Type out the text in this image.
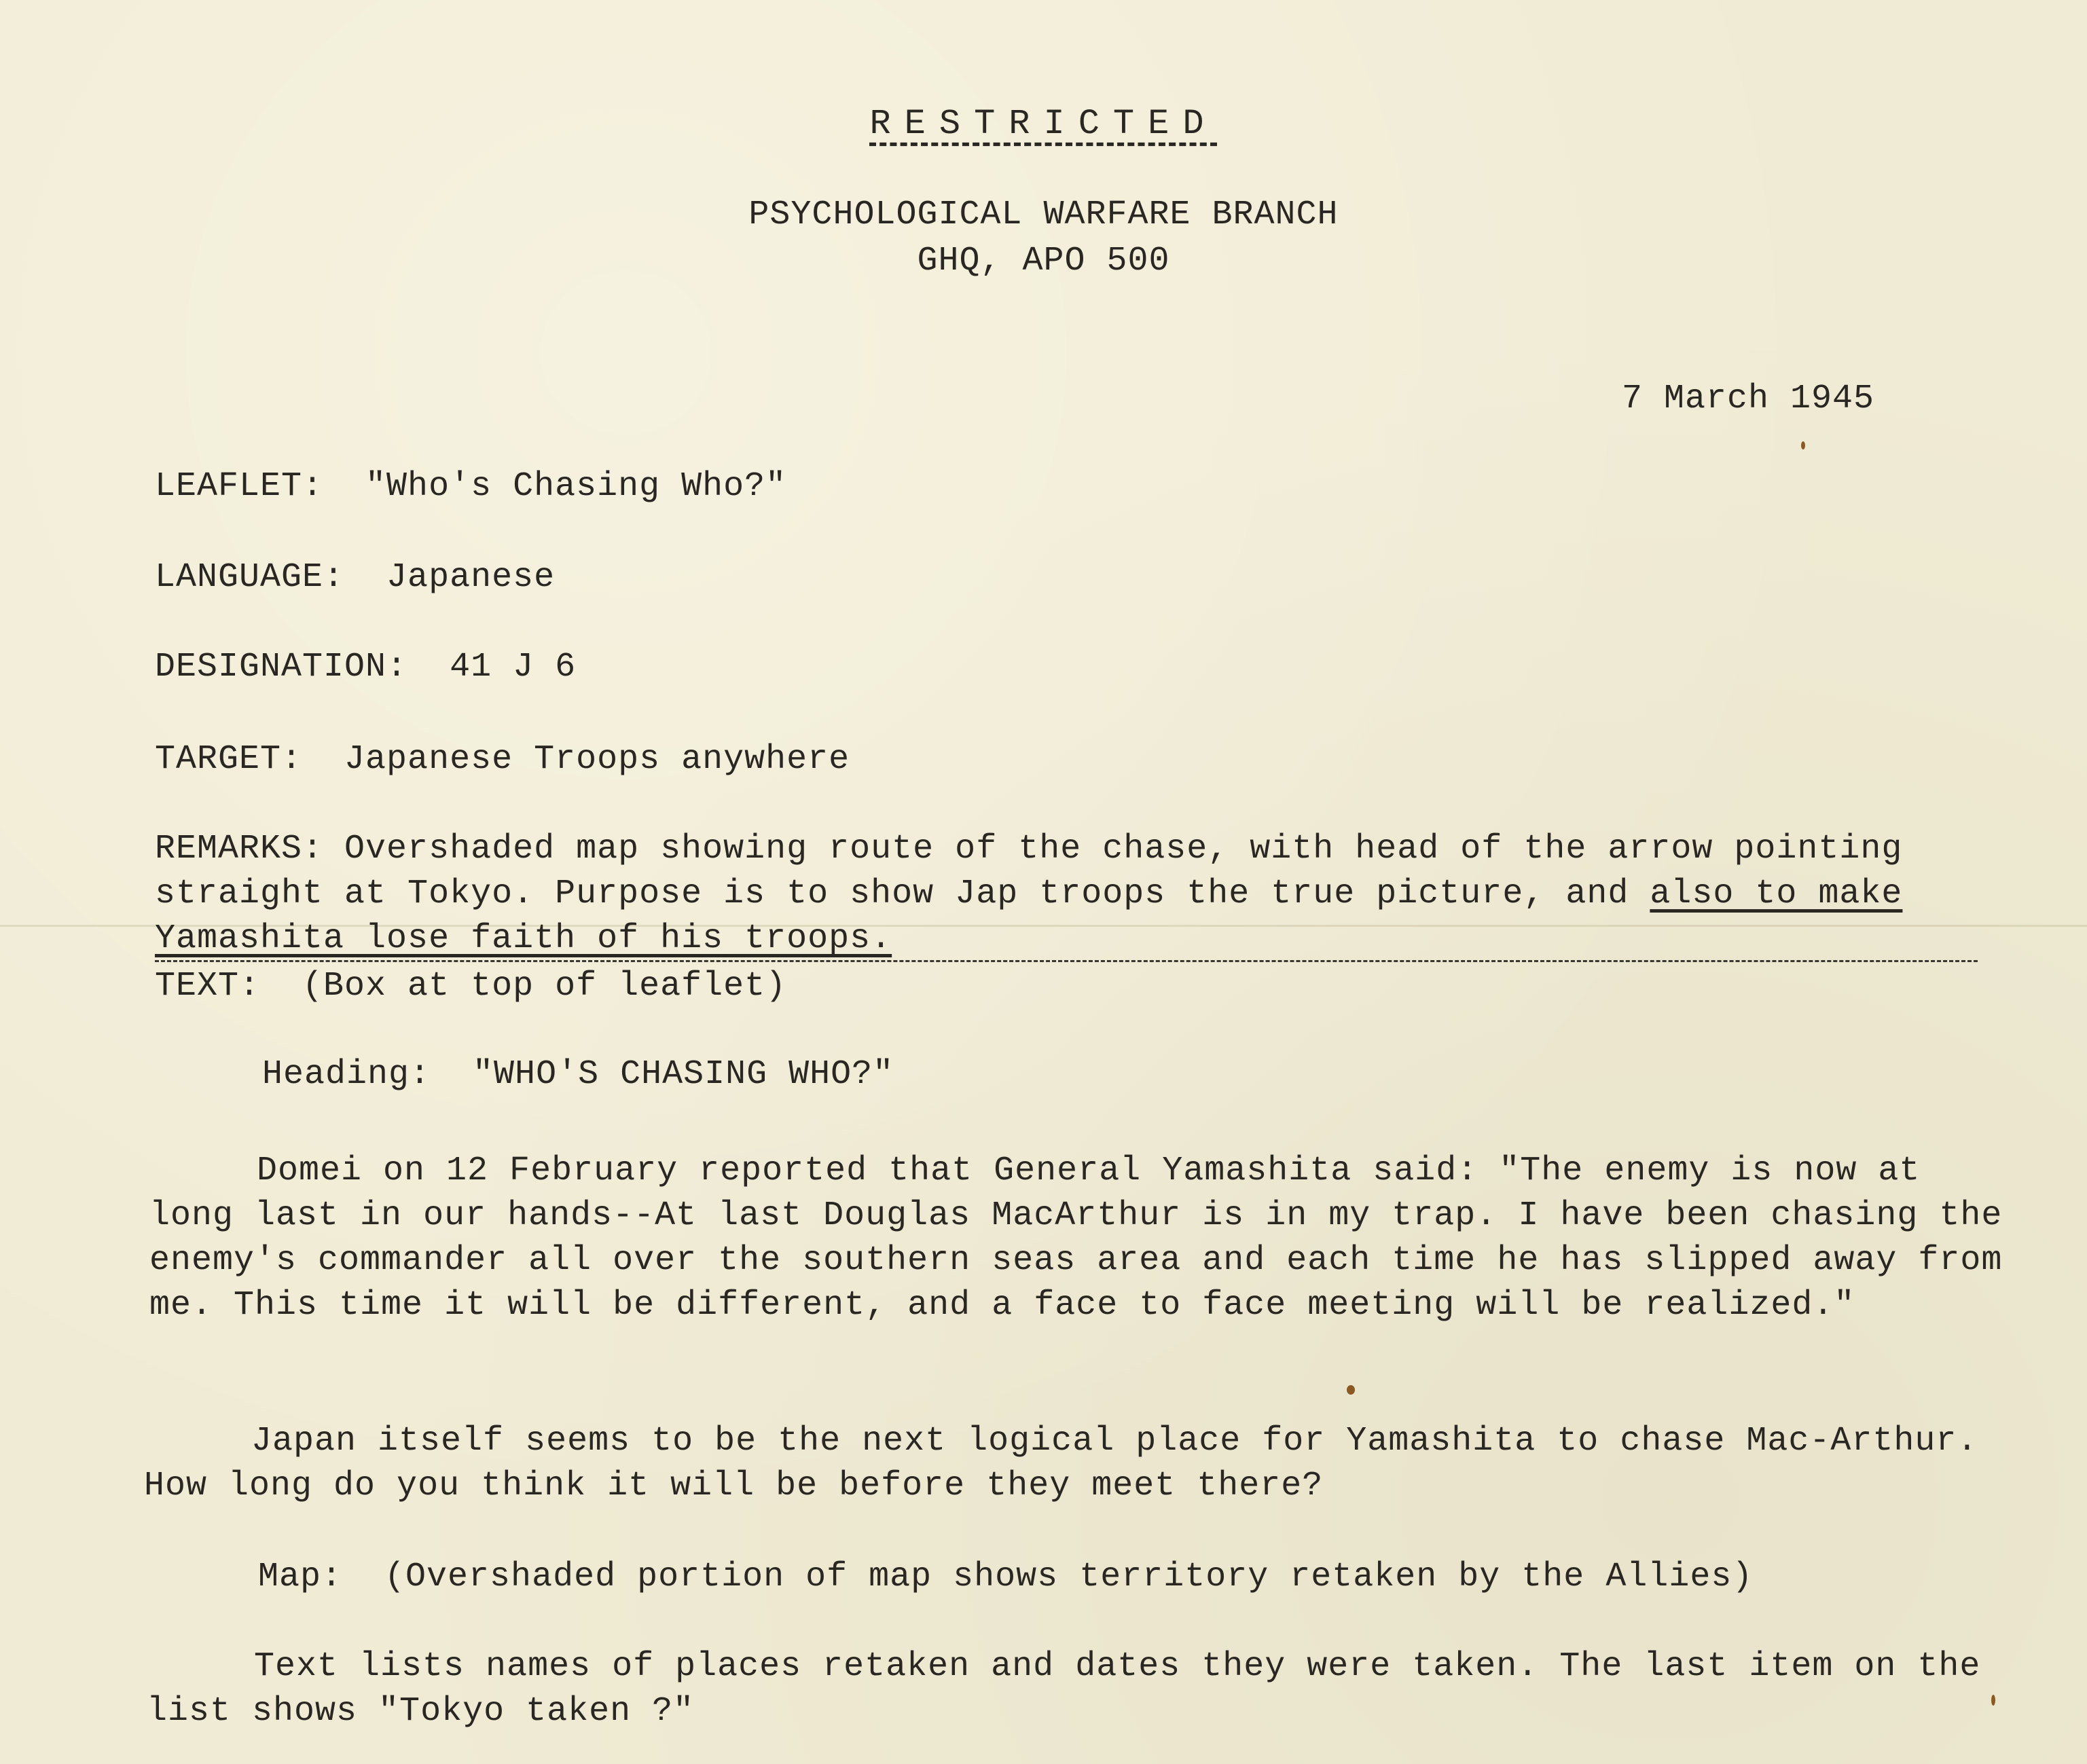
RESTRICTED
PSYCHOLOGICAL WARFARE BRANCH
GHQ, APO 500
7 March 1945
LEAFLET:  "Who's Chasing Who?"
LANGUAGE:  Japanese
DESIGNATION:  41 J 6
TARGET:  Japanese Troops anywhere
REMARKS: Overshaded map showing route of the chase, with head of the arrow pointing straight at Tokyo. Purpose is to show Jap troops the true picture, and also to make Yamashita lose faith of his troops.
TEXT:  (Box at top of leaflet)
Heading:  "WHO'S CHASING WHO?"
Domei on 12 February reported that General Yamashita said: "The enemy is now at long last in our hands--At last Douglas MacArthur is in my trap. I have been chasing the enemy's commander all over the southern seas area and each time he has slipped away from me. This time it will be different, and a face to face meeting will be realized."
Japan itself seems to be the next logical place for Yamashita to chase Mac-Arthur. How long do you think it will be before they meet there?
Map:  (Overshaded portion of map shows territory retaken by the Allies)
Text lists names of places retaken and dates they were taken. The last item on the list shows "Tokyo taken ?"
